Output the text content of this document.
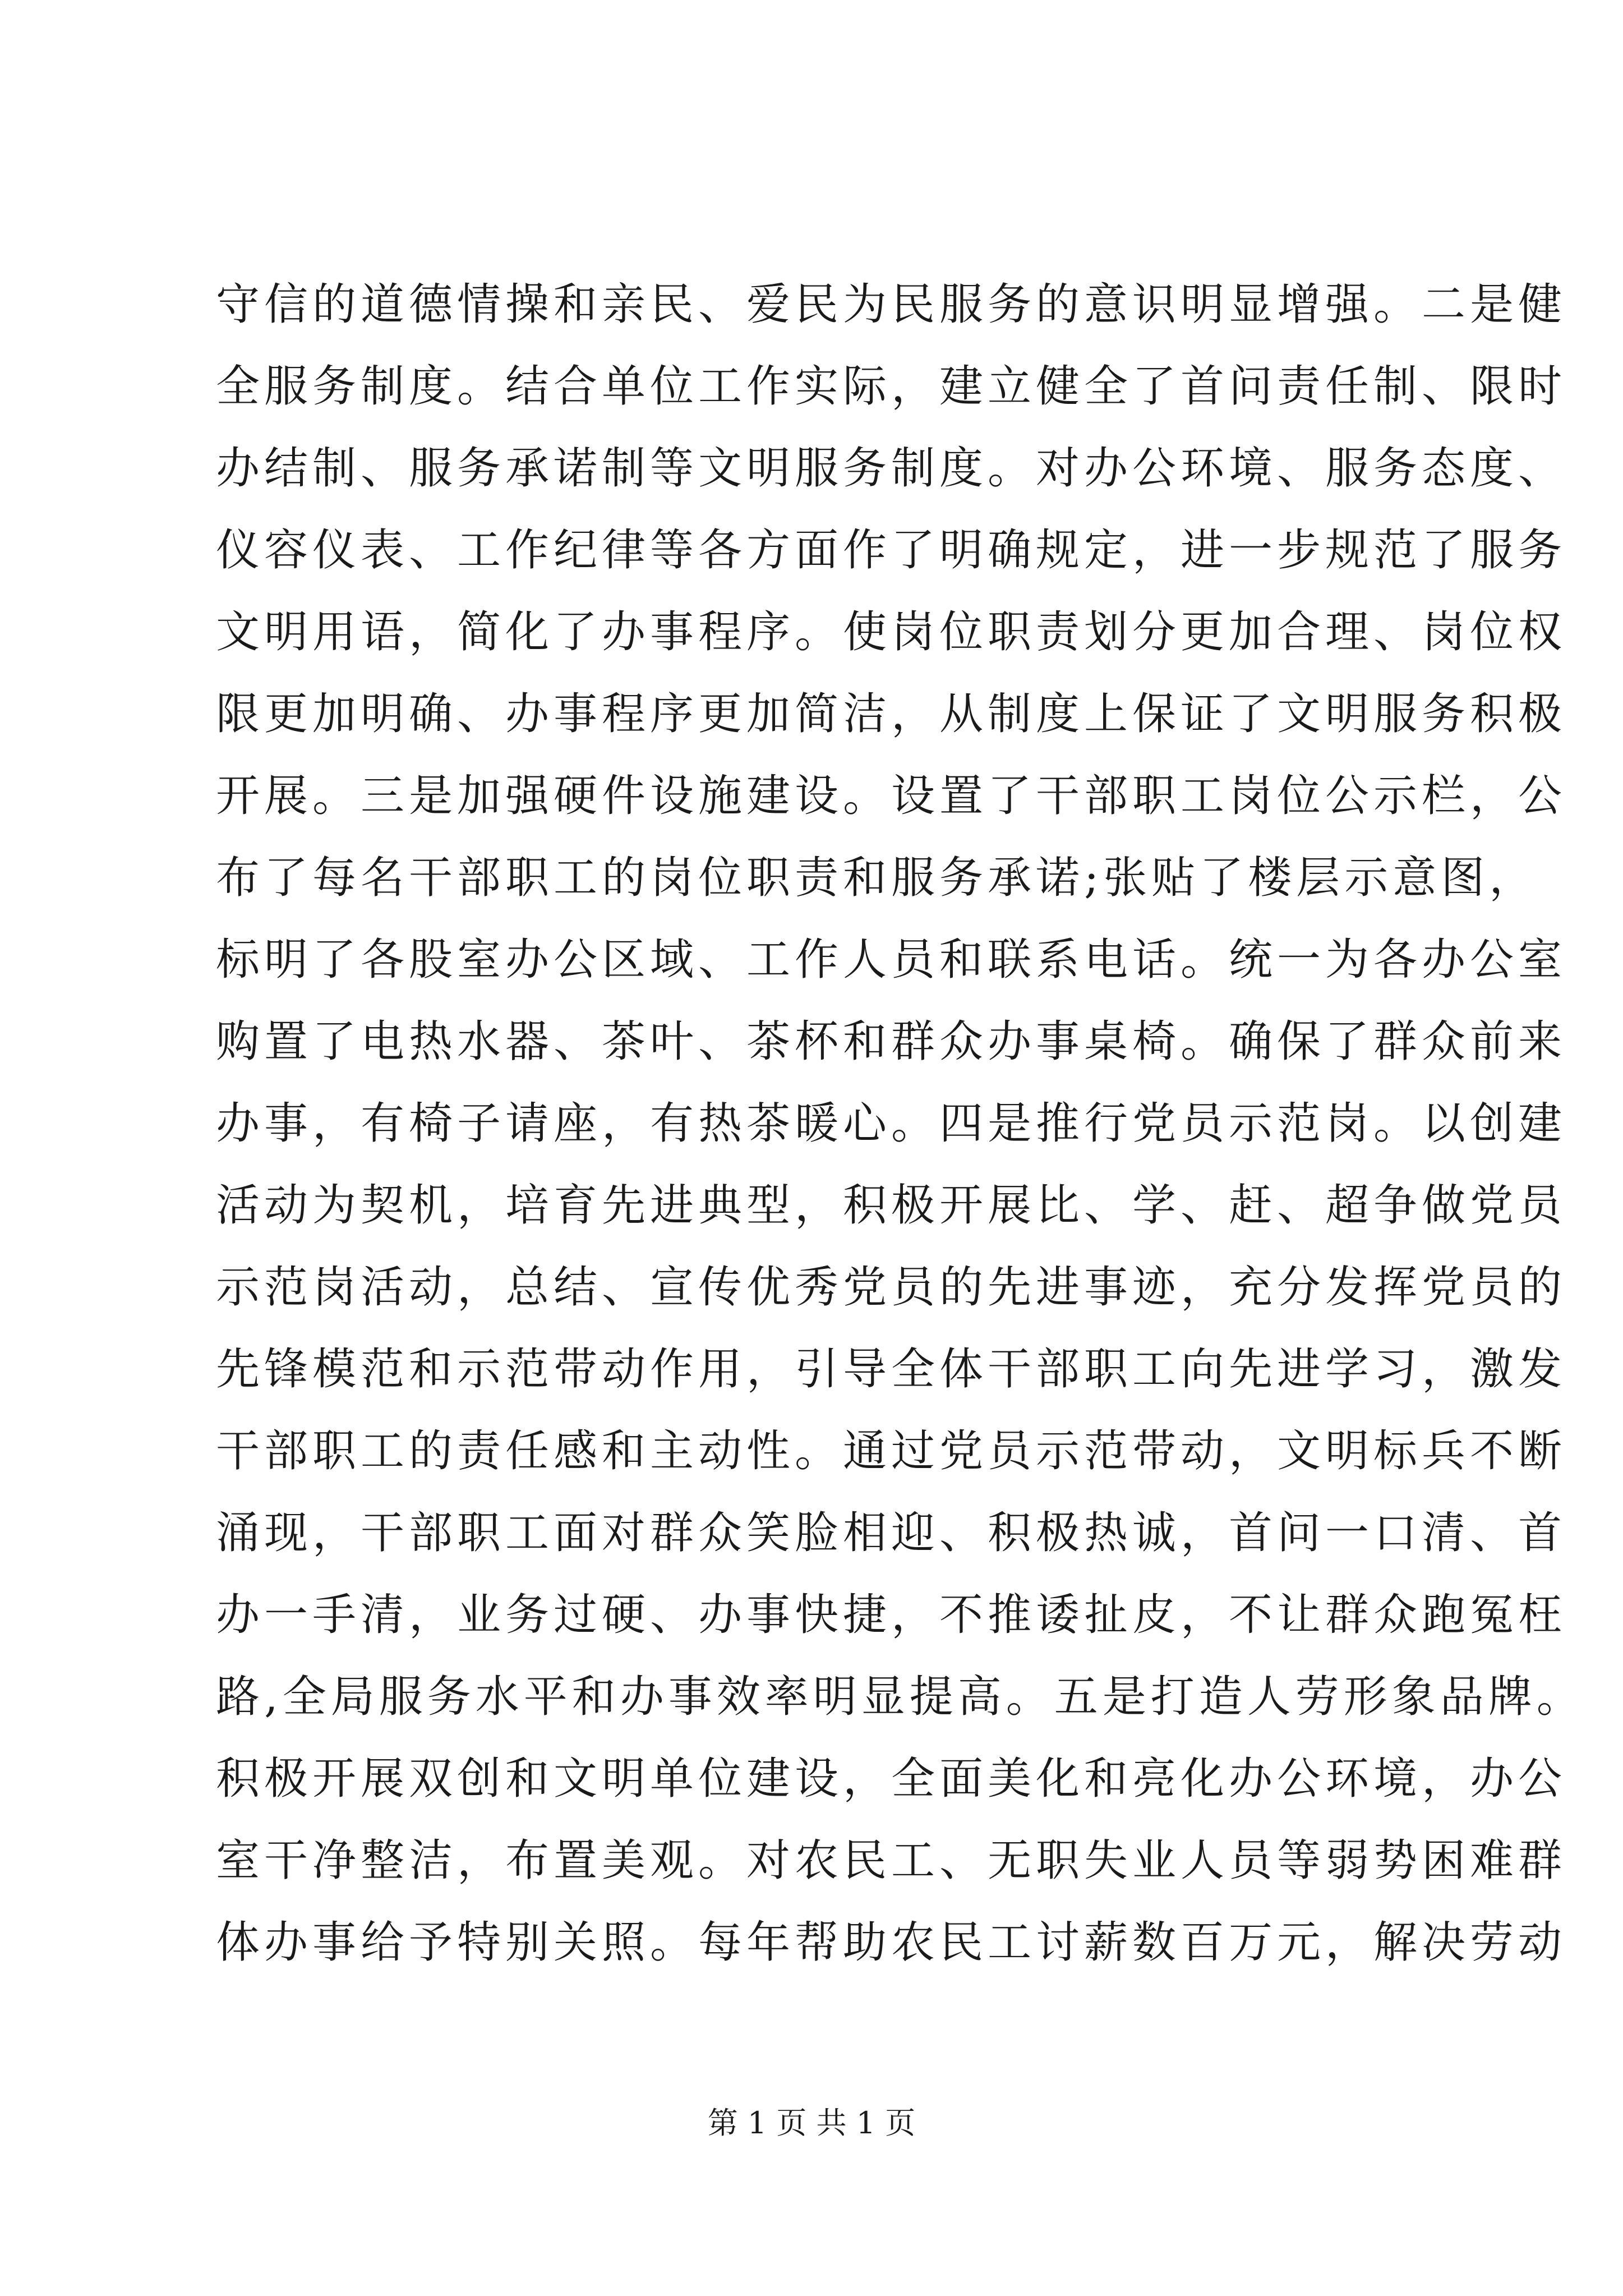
守信的道德情操和亲民、爱民为民服务的意识明显增强。二是健
全服务制度。结合单位工作实际，建立健全了首问责任制、限时
办结制、服务承诺制等文明服务制度。对办公环境、服务态度、
仪容仪表、工作纪律等各方面作了明确规定，进一步规范了服务
文明用语，简化了办事程序。使岗位职责划分更加合理、岗位权
限更加明确、办事程序更加简洁，从制度上保证了文明服务积极
开展。三是加强硬件设施建设。设置了干部职工岗位公示栏，公
布了每名干部职工的岗位职责和服务承诺;张贴了楼层示意图，
标明了各股室办公区域、工作人员和联系电话。统一为各办公室
购置了电热水器、茶叶、茶杯和群众办事桌椅。确保了群众前来
办事，有椅子请座，有热茶暖心。四是推行党员示范岗。以创建
活动为契机，培育先进典型，积极开展比、学、赶、超争做党员
示范岗活动，总结、宣传优秀党员的先进事迹，充分发挥党员的
先锋模范和示范带动作用，引导全体干部职工向先进学习，激发
干部职工的责任感和主动性。通过党员示范带动，文明标兵不断
涌现，干部职工面对群众笑脸相迎、积极热诚，首问一口清、首
办一手清，业务过硬、办事快捷，不推诿扯皮，不让群众跑冤枉
路,全局服务水平和办事效率明显提高。五是打造人劳形象品牌。
积极开展双创和文明单位建设，全面美化和亮化办公环境，办公
室干净整洁，布置美观。对农民工、无职失业人员等弱势困难群
体办事给予特别关照。每年帮助农民工讨薪数百万元，解决劳动
第 1 页 共 1 页
